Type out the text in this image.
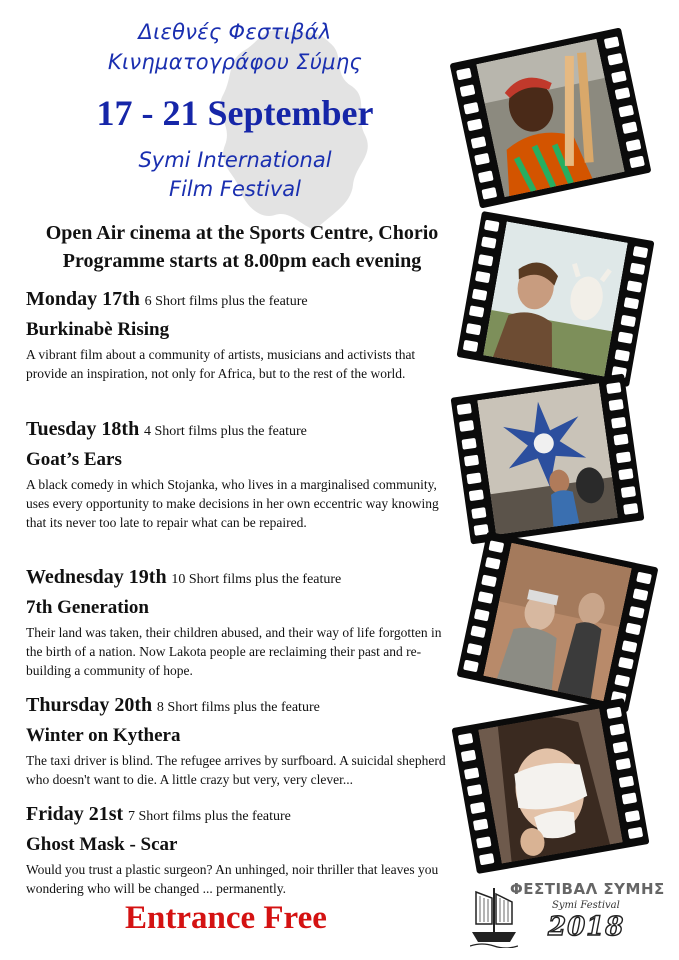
Διεθνές Φεστιβάλ
Κινηματογράφου Σύμης
17 - 21 September
Symi International
Film Festival
Open Air cinema at the Sports Centre, Chorio
Programme starts at 8.00pm each evening
Monday 17th 6 Short films plus the feature
Burkinabè Rising
A vibrant film about a community of artists, musicians and activists that provide an inspiration, not only for Africa, but to the rest of the world.
Tuesday 18th 4 Short films plus the feature
Goat’s Ears
A black comedy in which Stojanka, who lives in a marginalised community, uses every opportunity to make decisions in her own eccentric way knowing that its never too late to repair what can be repaired.
Wednesday 19th 10 Short films plus the feature
7th Generation
Their land was taken, their children abused, and their way of life forgotten in the birth of a nation. Now Lakota people are reclaiming their past and re-building a community of hope.
Thursday 20th 8 Short films plus the feature
Winter on Kythera
The taxi driver is blind. The refugee arrives by surfboard. A suicidal shepherd who doesn't want to die. A little crazy but very, very clever...
Friday 21st 7 Short films plus the feature
Ghost Mask - Scar
Would you trust a plastic surgeon? An unhinged, noir thriller that leaves you wondering who will be changed ... permanently.
Entrance Free
ΦΕΣΤΙΒΑΛ ΣΥΜΗΣ
Symi Festival
2018
